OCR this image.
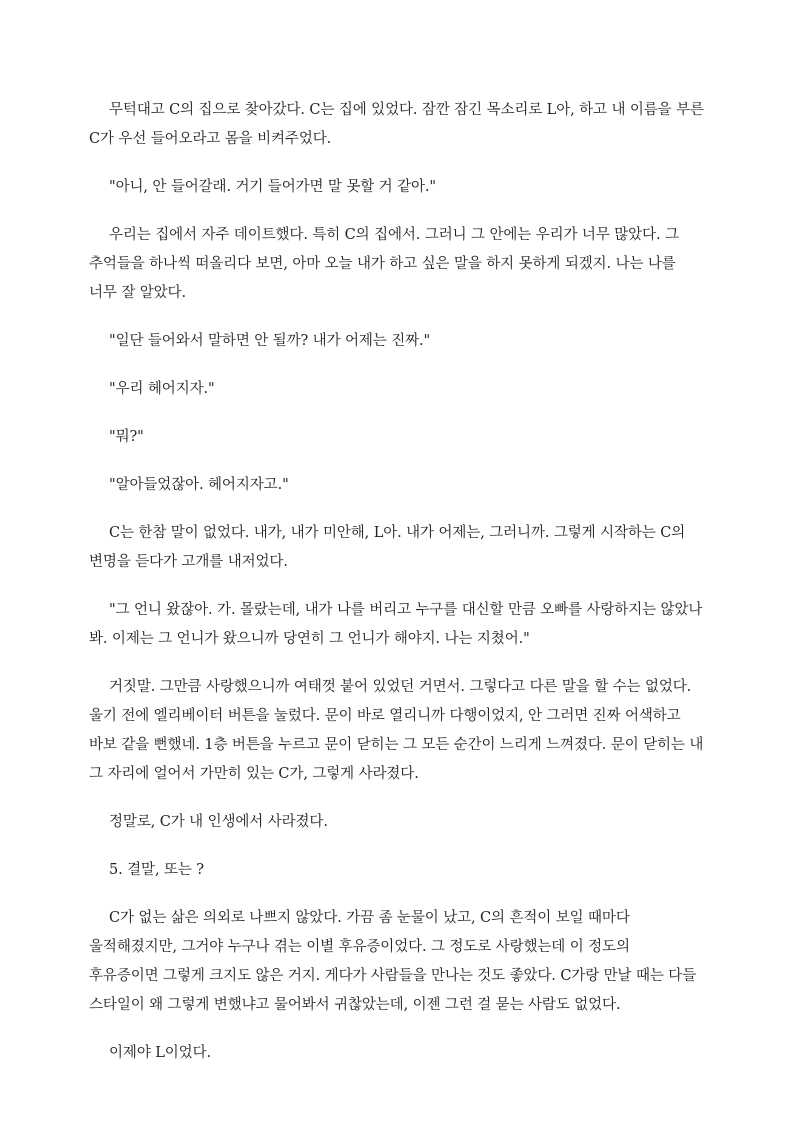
무턱대고 C의 집으로 찾아갔다. C는 집에 있었다. 잠깐 잠긴 목소리로 L아, 하고 내 이름을 부른
C가 우선 들어오라고 몸을 비켜주었다.

"아니, 안 들어갈래. 거기 들어가면 말 못할 거 같아."

우리는 집에서 자주 데이트했다. 특히 C의 집에서. 그러니 그 안에는 우리가 너무 많았다. 그
추억들을 하나씩 떠올리다 보면, 아마 오늘 내가 하고 싶은 말을 하지 못하게 되겠지. 나는 나를
너무 잘 알았다.

"일단 들어와서 말하면 안 될까? 내가 어제는 진짜."

"우리 헤어지자."

"뭐?"

"알아들었잖아. 헤어지자고."

C는 한참 말이 없었다. 내가, 내가 미안해, L아. 내가 어제는, 그러니까. 그렇게 시작하는 C의
변명을 듣다가 고개를 내저었다.

"그 언니 왔잖아. 가. 몰랐는데, 내가 나를 버리고 누구를 대신할 만큼 오빠를 사랑하지는 않았나
봐. 이제는 그 언니가 왔으니까 당연히 그 언니가 해야지. 나는 지쳤어."

거짓말. 그만큼 사랑했으니까 여태껏 붙어 있었던 거면서. 그렇다고 다른 말을 할 수는 없었다.
울기 전에 엘리베이터 버튼을 눌렀다. 문이 바로 열리니까 다행이었지, 안 그러면 진짜 어색하고
바보 같을 뻔했네. 1층 버튼을 누르고 문이 닫히는 그 모든 순간이 느리게 느껴졌다. 문이 닫히는 내
그 자리에 얼어서 가만히 있는 C가, 그렇게 사라졌다.

정말로, C가 내 인생에서 사라졌다.

5. 결말, 또는 ?

C가 없는 삶은 의외로 나쁘지 않았다. 가끔 좀 눈물이 났고, C의 흔적이 보일 때마다
울적해졌지만, 그거야 누구나 겪는 이별 후유증이었다. 그 정도로 사랑했는데 이 정도의
후유증이면 그렇게 크지도 않은 거지. 게다가 사람들을 만나는 것도 좋았다. C가랑 만날 때는 다들
스타일이 왜 그렇게 변했냐고 물어봐서 귀찮았는데, 이젠 그런 걸 묻는 사람도 없었다.

이제야 L이었다.
